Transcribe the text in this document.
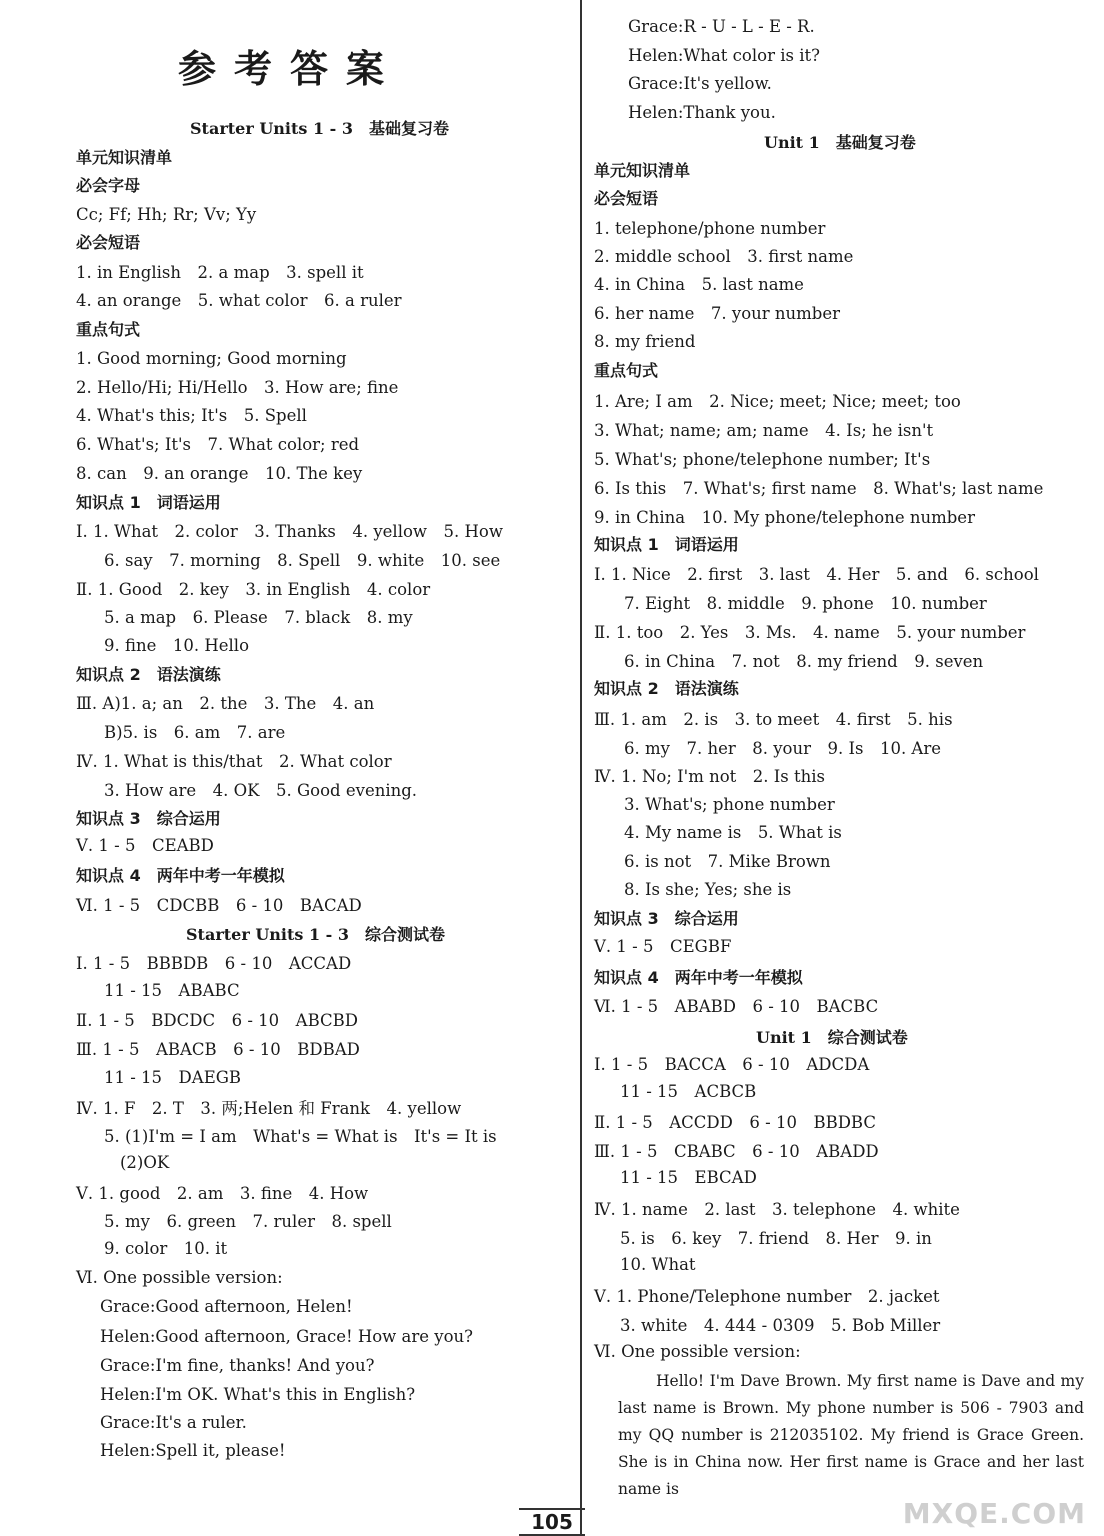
参考答案
Starter Units 1 - 3　基础复习卷
单元知识清单
必会字母
Cc; Ff; Hh; Rr; Vv; Yy
必会短语
1. in English　2. a map　3. spell it
4. an orange　5. what color　6. a ruler
重点句式
1. Good morning; Good morning
2. Hello/Hi; Hi/Hello　3. How are; fine
4. What's this; It's　5. Spell
6. What's; It's　7. What color; red
8. can　9. an orange　10. The key
知识点 1　词语运用
Ⅰ. 1. What　2. color　3. Thanks　4. yellow　5. How
6. say　7. morning　8. Spell　9. white　10. see
Ⅱ. 1. Good　2. key　3. in English　4. color
5. a map　6. Please　7. black　8. my
9. fine　10. Hello
知识点 2　语法演练
Ⅲ. A)1. a; an　2. the　3. The　4. an
B)5. is　6. am　7. are
Ⅳ. 1. What is this/that　2. What color
3. How are　4. OK　5. Good evening.
知识点 3　综合运用
Ⅴ. 1 - 5　CEABD
知识点 4　两年中考一年模拟
Ⅵ. 1 - 5　CDCBB　6 - 10　BACAD
Starter Units 1 - 3　综合测试卷
Ⅰ. 1 - 5　BBBDB　6 - 10　ACCAD
11 - 15　ABABC
Ⅱ. 1 - 5　BDCDC　6 - 10　ABCBD
Ⅲ. 1 - 5　ABACB　6 - 10　BDBAD
11 - 15　DAEGB
Ⅳ. 1. F　2. T　3. 两;Helen 和 Frank　4. yellow
5. (1)I'm = I am　What's = What is　It's = It is
(2)OK
Ⅴ. 1. good　2. am　3. fine　4. How
5. my　6. green　7. ruler　8. spell
9. color　10. it
Ⅵ. One possible version:
Grace:Good afternoon, Helen!
Helen:Good afternoon, Grace! How are you?
Grace:I'm fine, thanks! And you?
Helen:I'm OK. What's this in English?
Grace:It's a ruler.
Helen:Spell it, please!
Grace:R - U - L - E - R.
Helen:What color is it?
Grace:It's yellow.
Helen:Thank you.
Unit 1　基础复习卷
单元知识清单
必会短语
1. telephone/phone number
2. middle school　3. first name
4. in China　5. last name
6. her name　7. your number
8. my friend
重点句式
1. Are; I am　2. Nice; meet; Nice; meet; too
3. What; name; am; name　4. Is; he isn't
5. What's; phone/telephone number; It's
6. Is this　7. What's; first name　8. What's; last name
9. in China　10. My phone/telephone number
知识点 1　词语运用
Ⅰ. 1. Nice　2. first　3. last　4. Her　5. and　6. school
7. Eight　8. middle　9. phone　10. number
Ⅱ. 1. too　2. Yes　3. Ms.　4. name　5. your number
6. in China　7. not　8. my friend　9. seven
知识点 2　语法演练
Ⅲ. 1. am　2. is　3. to meet　4. first　5. his
6. my　7. her　8. your　9. Is　10. Are
Ⅳ. 1. No; I'm not　2. Is this
3. What's; phone number
4. My name is　5. What is
6. is not　7. Mike Brown
8. Is she; Yes; she is
知识点 3　综合运用
Ⅴ. 1 - 5　CEGBF
知识点 4　两年中考一年模拟
Ⅵ. 1 - 5　ABABD　6 - 10　BACBC
Unit 1　综合测试卷
Ⅰ. 1 - 5　BACCA　6 - 10　ADCDA
11 - 15　ACBCB
Ⅱ. 1 - 5　ACCDD　6 - 10　BBDBC
Ⅲ. 1 - 5　CBABC　6 - 10　ABADD
11 - 15　EBCAD
Ⅳ. 1. name　2. last　3. telephone　4. white
5. is　6. key　7. friend　8. Her　9. in
10. What
Ⅴ. 1. Phone/Telephone number　2. jacket
3. white　4. 444 - 0309　5. Bob Miller
Ⅵ. One possible version:
Hello! I'm Dave Brown. My first name is Dave and my last name is Brown. My phone number is 506 - 7903 and my QQ number is 212035102. My friend is Grace Green. She is in China now. Her first name is Grace and her last name is
105	MXQE.COM
